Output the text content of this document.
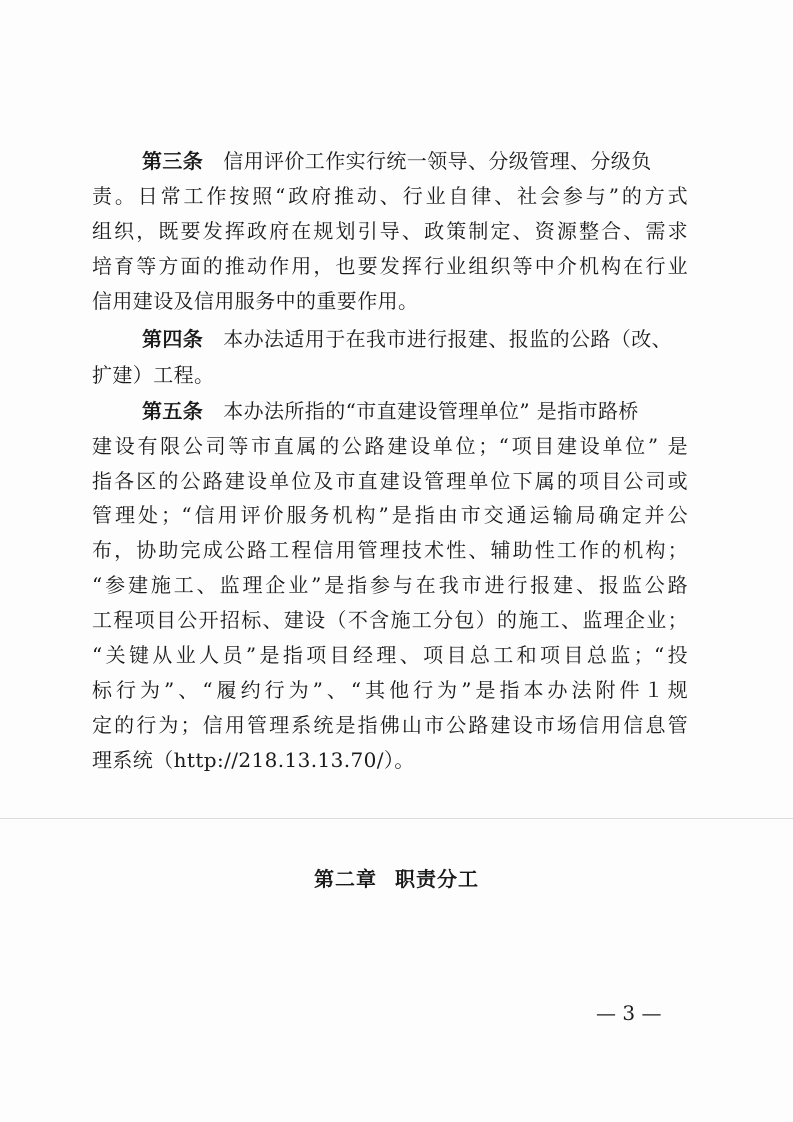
第三条 信用评价工作实行统一领导、分级管理、分级负
责。日常工作按照“政府推动、行业自律、社会参与”的方式
组织，既要发挥政府在规划引导、政策制定、资源整合、需求
培育等方面的推动作用，也要发挥行业组织等中介机构在行业
信用建设及信用服务中的重要作用。
第四条 本办法适用于在我市进行报建、报监的公路（改、
扩建）工程。
第五条 本办法所指的“市直建设管理单位” 是指市路桥
建设有限公司等市直属的公路建设单位；“项目建设单位” 是
指各区的公路建设单位及市直建设管理单位下属的项目公司或
管理处；“信用评价服务机构”是指由市交通运输局确定并公
布，协助完成公路工程信用管理技术性、辅助性工作的机构；
“参建施工、监理企业”是指参与在我市进行报建、报监公路
工程项目公开招标、建设（不含施工分包）的施工、监理企业；
“关键从业人员”是指项目经理、项目总工和项目总监；“投
标行为”、“履约行为”、“其他行为”是指本办法附件１规
定的行为；信用管理系统是指佛山市公路建设市场信用信息管
理系统（http://218.13.13.70/）。
第二章 职责分工
— 3 —
